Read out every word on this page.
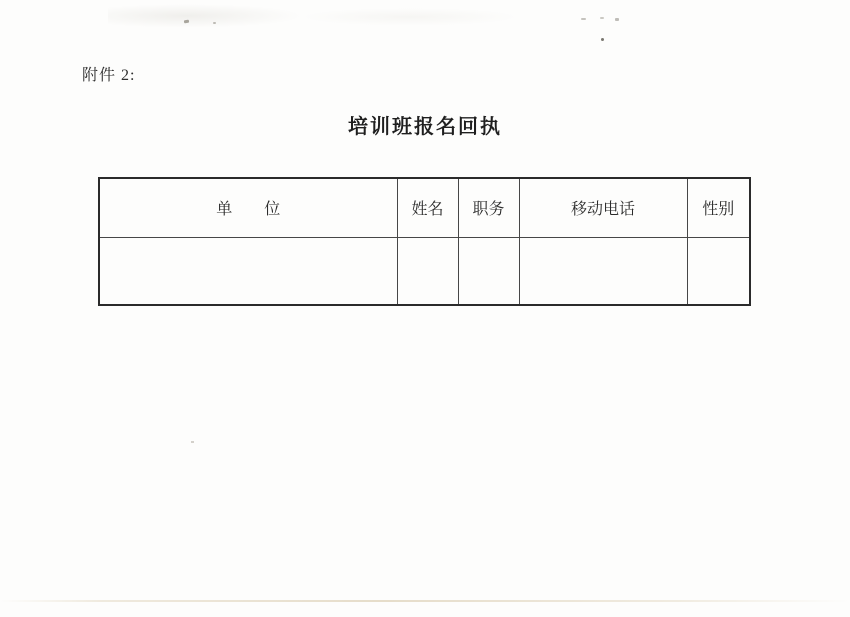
附件 2:
培训班报名回执
单　　位	姓名	职务	移动电话	性别
